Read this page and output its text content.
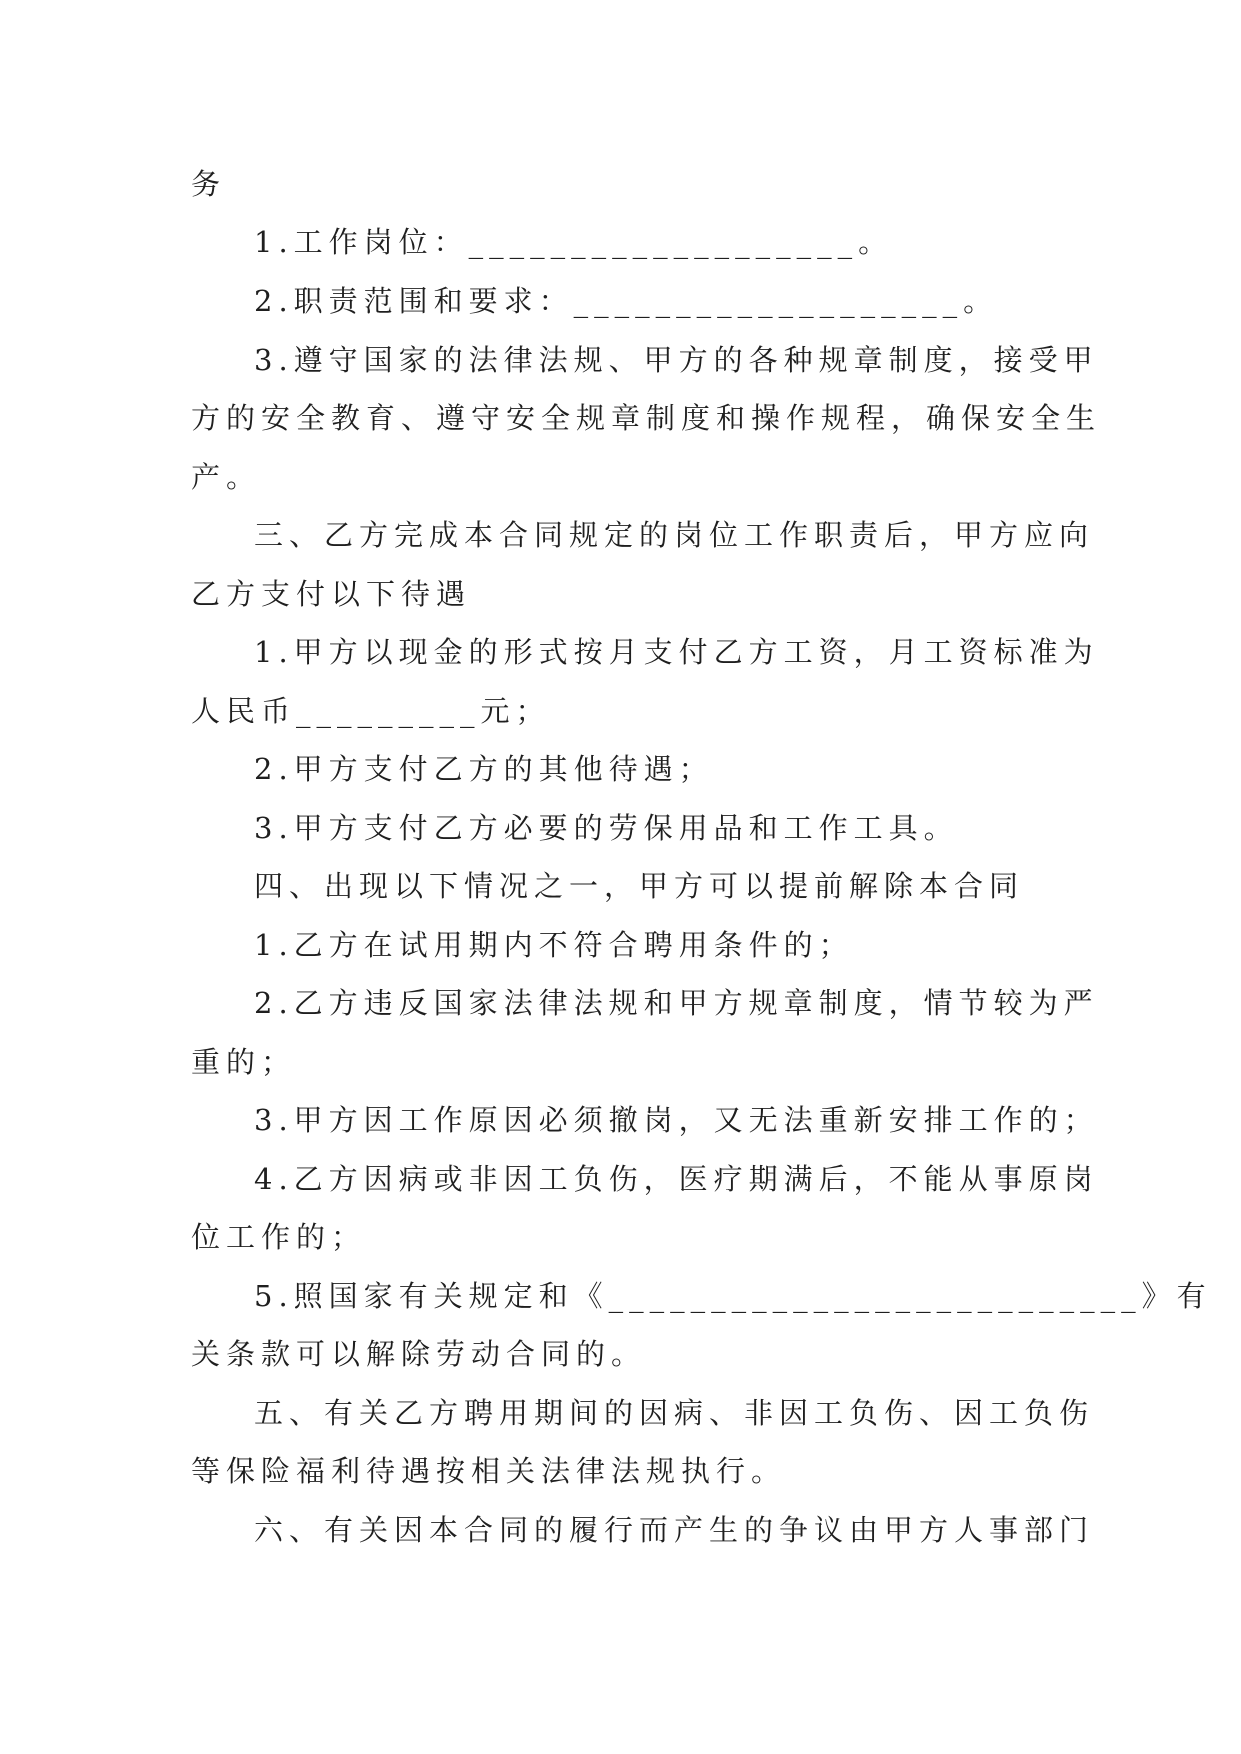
务
1.工作岗位：___________________。
2.职责范围和要求：___________________。
3.遵守国家的法律法规、甲方的各种规章制度，接受甲
方的安全教育、遵守安全规章制度和操作规程，确保安全生
产。
三、乙方完成本合同规定的岗位工作职责后，甲方应向
乙方支付以下待遇
1.甲方以现金的形式按月支付乙方工资，月工资标准为
人民币_________元；
2.甲方支付乙方的其他待遇；
3.甲方支付乙方必要的劳保用品和工作工具。
四、出现以下情况之一，甲方可以提前解除本合同
1.乙方在试用期内不符合聘用条件的；
2.乙方违反国家法律法规和甲方规章制度，情节较为严
重的；
3.甲方因工作原因必须撤岗，又无法重新安排工作的；
4.乙方因病或非因工负伤，医疗期满后，不能从事原岗
位工作的；
5.照国家有关规定和《__________________________》有
关条款可以解除劳动合同的。
五、有关乙方聘用期间的因病、非因工负伤、因工负伤
等保险福利待遇按相关法律法规执行。
六、有关因本合同的履行而产生的争议由甲方人事部门
